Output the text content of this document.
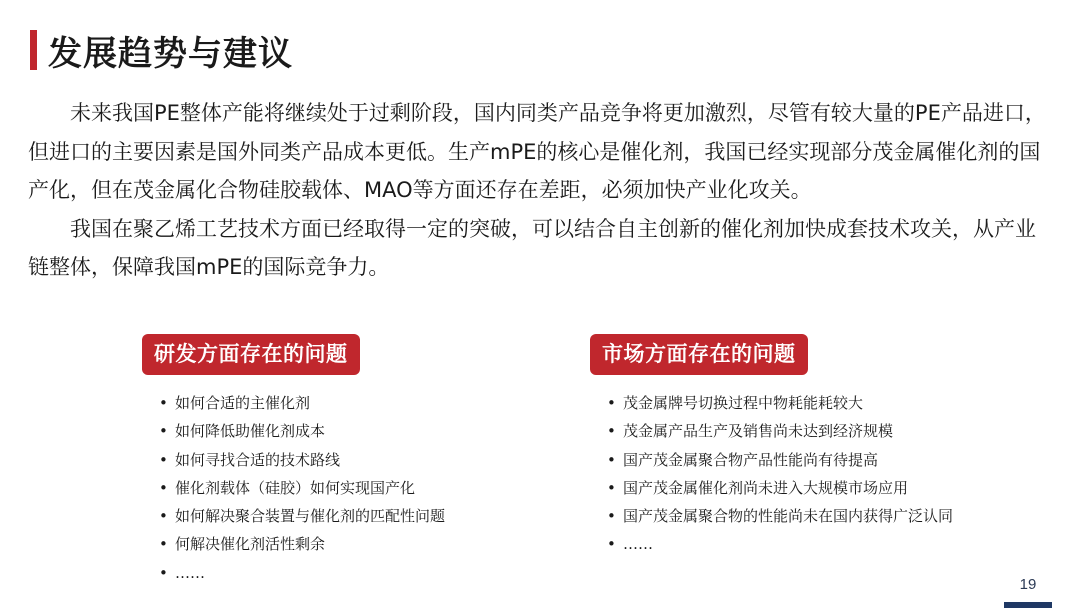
发展趋势与建议

未来我国PE整体产能将继续处于过剩阶段，国内同类产品竞争将更加激烈，尽管有较大量的PE产品进口，但进口的主要因素是国外同类产品成本更低。生产mPE的核心是催化剂，我国已经实现部分茂金属催化剂的国产化，但在茂金属化合物硅胶载体、MAO等方面还存在差距，必须加快产业化攻关。

我国在聚乙烯工艺技术方面已经取得一定的突破，可以结合自主创新的催化剂加快成套技术攻关，从产业链整体，保障我国mPE的国际竞争力。

研发方面存在的问题
• 如何合适的主催化剂
• 如何降低助催化剂成本
• 如何寻找合适的技术路线
• 催化剂载体（硅胶）如何实现国产化
• 如何解决聚合装置与催化剂的匹配性问题
• 何解决催化剂活性剩余
• ……
市场方面存在的问题
• 茂金属牌号切换过程中物耗能耗较大
• 茂金属产品生产及销售尚未达到经济规模
• 国产茂金属聚合物产品性能尚有待提高
• 国产茂金属催化剂尚未进入大规模市场应用
• 国产茂金属聚合物的性能尚未在国内获得广泛认同
• ……
19
